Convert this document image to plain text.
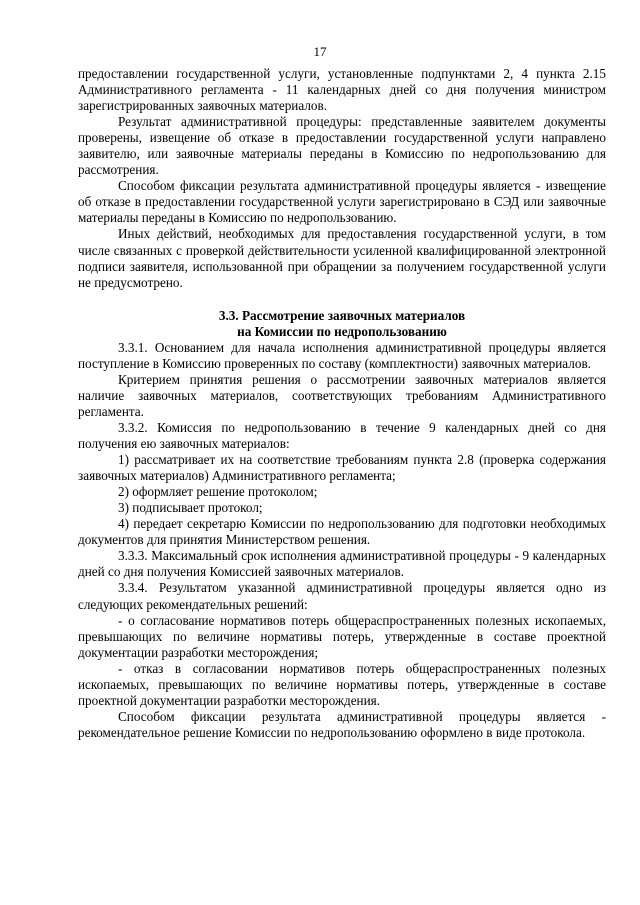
17

предоставлении государственной услуги, установленные подпунктами 2, 4 пункта 2.15 Административного регламента - 11 календарных дней со дня получения министром зарегистрированных заявочных материалов.

Результат административной процедуры: представленные заявителем документы проверены, извещение об отказе в предоставлении государственной услуги направлено заявителю, или заявочные материалы переданы в Комиссию по недропользованию для рассмотрения.

Способом фиксации результата административной процедуры является - извещение об отказе в предоставлении государственной услуги зарегистрировано в СЭД или заявочные материалы переданы в Комиссию по недропользованию.

Иных действий, необходимых для предоставления государственной услуги, в том числе связанных с проверкой действительности усиленной квалифицированной электронной подписи заявителя, использованной при обращении за получением государственной услуги не предусмотрено.

3.3. Рассмотрение заявочных материалов

на Комиссии по недропользованию

3.3.1. Основанием для начала исполнения административной процедуры является поступление в Комиссию проверенных по составу (комплектности) заявочных материалов.

Критерием принятия решения о рассмотрении заявочных материалов является наличие заявочных материалов, соответствующих требованиям Административного регламента.

3.3.2. Комиссия по недропользованию в течение 9 календарных дней со дня получения ею заявочных материалов:

1) рассматривает их на соответствие требованиям пункта 2.8 (проверка содержания заявочных материалов) Административного регламента;

2) оформляет решение протоколом;

3) подписывает протокол;

4) передает секретарю Комиссии по недропользованию для подготовки необходимых документов для принятия Министерством решения.

3.3.3. Максимальный срок исполнения административной процедуры - 9 календарных дней со дня получения Комиссией заявочных материалов.

3.3.4. Результатом указанной административной процедуры является одно из следующих рекомендательных решений:

- о согласование нормативов потерь общераспространенных полезных ископаемых, превышающих по величине нормативы потерь, утвержденные в составе проектной документации разработки месторождения;

- отказ в согласовании нормативов потерь общераспространенных полезных ископаемых, превышающих по величине нормативы потерь, утвержденные в составе проектной документации разработки месторождения.

Способом фиксации результата административной процедуры является - рекомендательное решение Комиссии по недропользованию оформлено в виде протокола.
